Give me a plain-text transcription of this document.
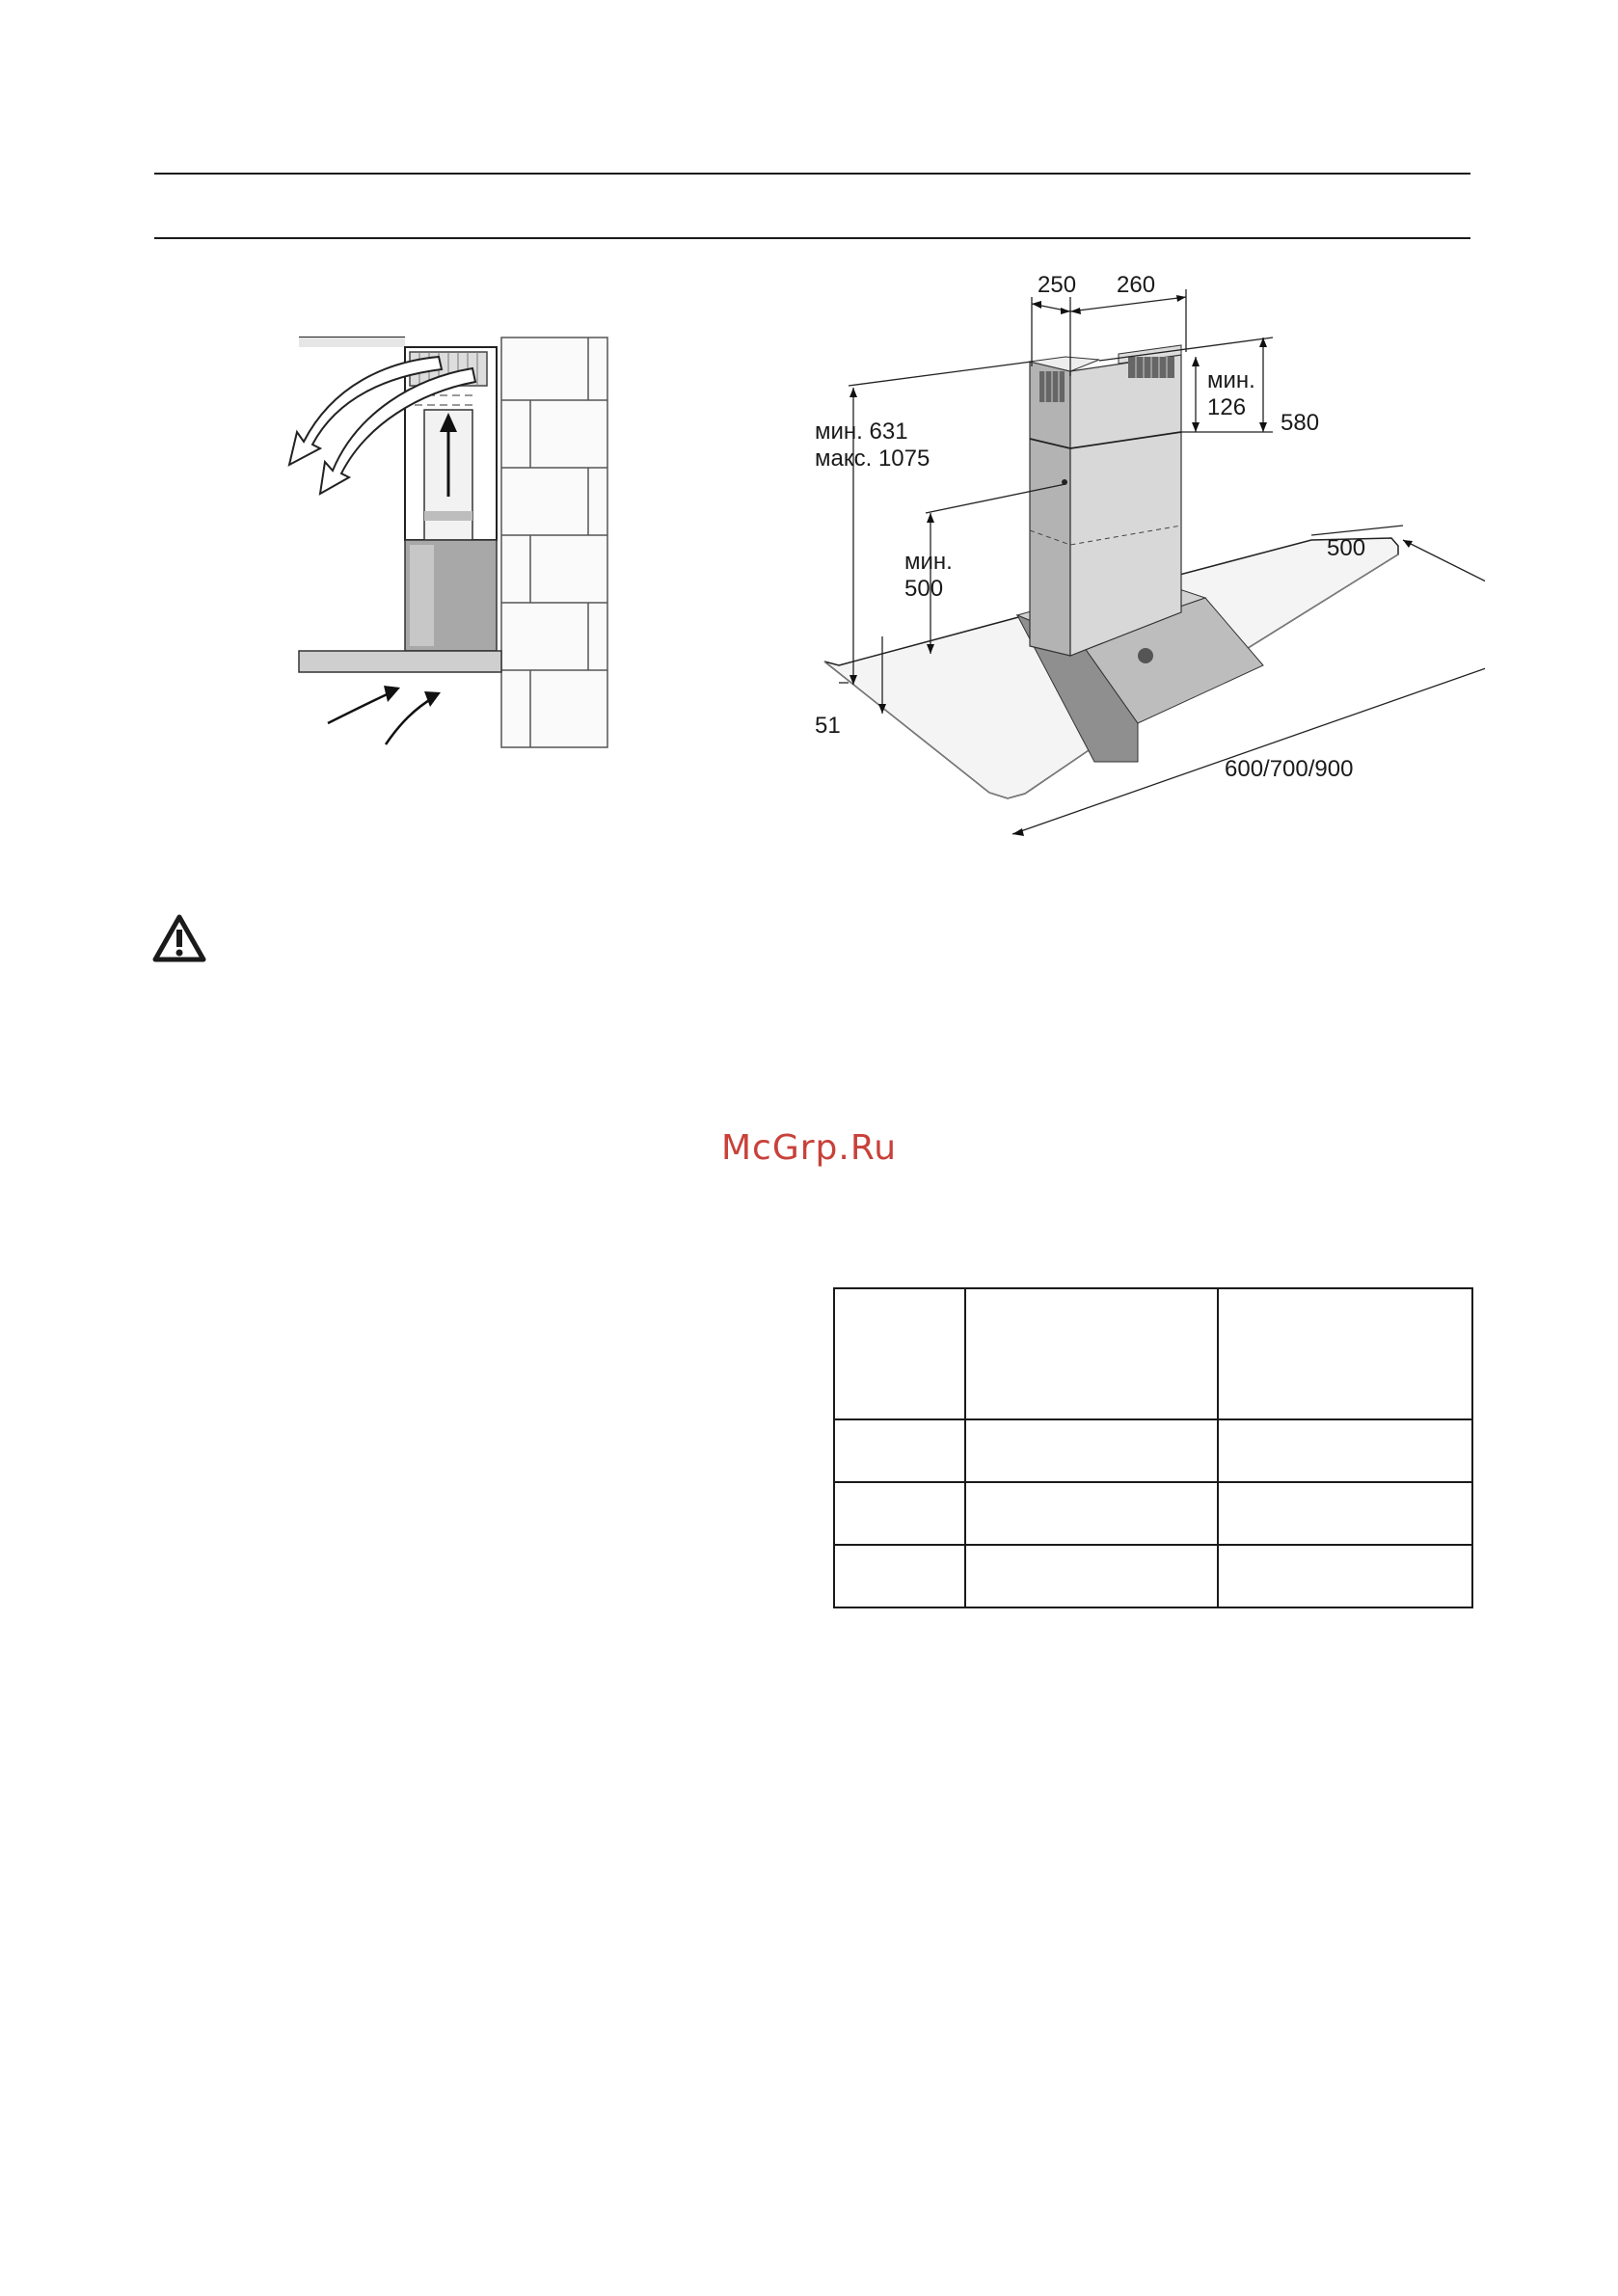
250 260
мин.
126
580
мин. 631
макс. 1075
мин.
500
500
600/700/900
51
McGrp.Ru
